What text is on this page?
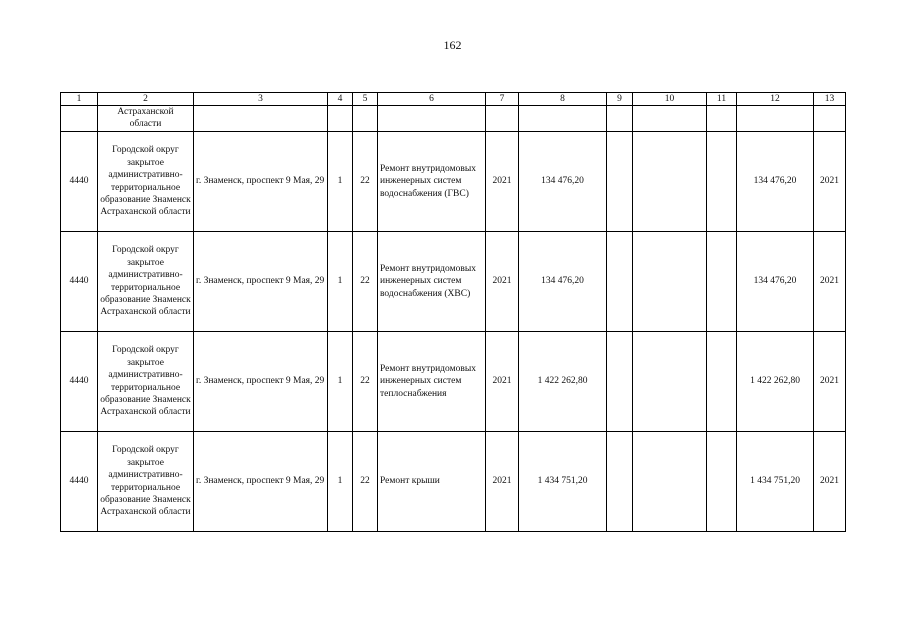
162
1	2	3	4	5	6	7	8	9	10	11	12	13
	Астраханской
области											
4440	Городской округ закрытое административно-территориальное образование Знаменск Астраханской области	г. Знаменск, проспект 9 Мая, 29	1	22	Ремонт внутридомовых инженерных систем водоснабжения (ГВС)	2021	134 476,20				134 476,20	2021
4440	Городской округ закрытое административно-территориальное образование Знаменск Астраханской области	г. Знаменск, проспект 9 Мая, 29	1	22	Ремонт внутридомовых инженерных систем водоснабжения (ХВС)	2021	134 476,20				134 476,20	2021
4440	Городской округ закрытое административно-территориальное образование Знаменск Астраханской области	г. Знаменск, проспект 9 Мая, 29	1	22	Ремонт внутридомовых инженерных систем теплоснабжения	2021	1 422 262,80				1 422 262,80	2021
4440	Городской округ закрытое административно-территориальное образование Знаменск Астраханской области	г. Знаменск, проспект 9 Мая, 29	1	22	Ремонт крыши	2021	1 434 751,20				1 434 751,20	2021
